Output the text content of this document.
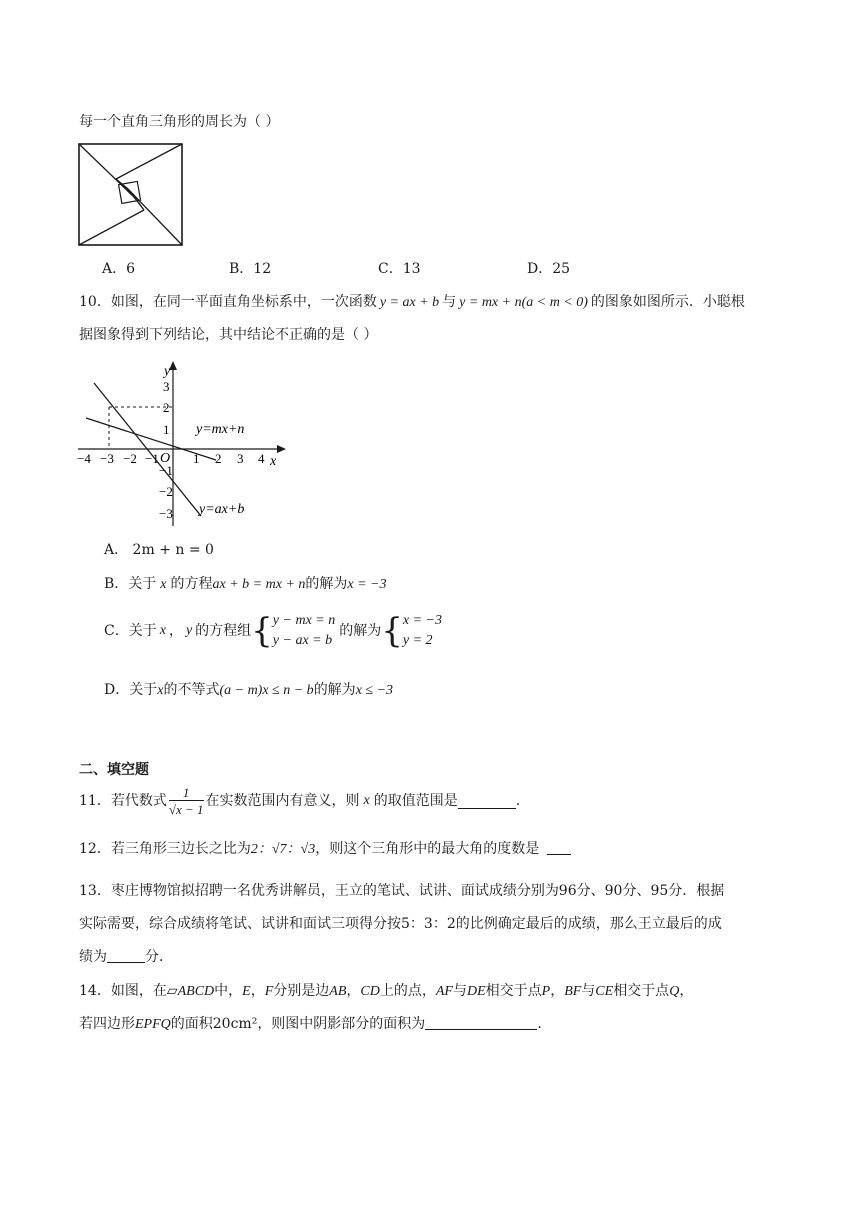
每一个直角三角形的周长为（ ）
A．6	B．12	C．13	D．25
10．如图，在同一平面直角坐标系中，一次函数 y = ax + b 与 y = mx + n(a < m < 0) 的图象如图所示．小聪根
据图象得到下列结论，其中结论不正确的是（ ）
y
x
O
y=mx+n
y=ax+b
−4 −3 −2 −1	1 2 3 4
3
2
1
−1
−2
−3
A． 2m + n = 0
B．关于 x 的方程ax + b = mx + n的解为x = −3
C．关于 x ， y 的方程组 { y − mx = n
y − ax = b
的解为 { x = −3
y = 2
D．关于x的不等式(a − m)x ≤ n − b的解为x ≤ −3
二、填空题
11．若代数式 $\frac{1}{√x - 1}$ 在实数范围内有意义，则 x 的取值范围是	.
12．若三角形三边长之比为2：√7：√3，则这个三角形中的最大角的度数是
13．枣庄博物馆拟招聘一名优秀讲解员，王立的笔试、试讲、面试成绩分别为96分、90分、95分．根据
实际需要，综合成绩将笔试、试讲和面试三项得分按5：3：2的比例确定最后的成绩，那么王立最后的成
绩为	分．
14．如图，在▱ABCD中，E，F分别是边AB，CD上的点，AF与DE相交于点P，BF与CE相交于点Q，
若四边形EPFQ的面积20cm²，则图中阴影部分的面积为	.
